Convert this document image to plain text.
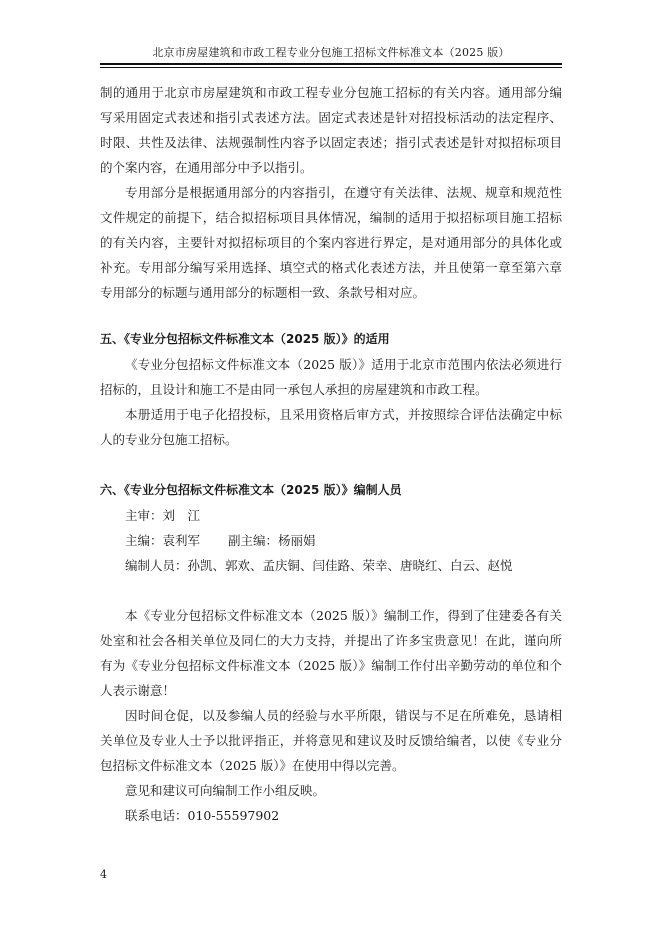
北京市房屋建筑和市政工程专业分包施工招标文件标准文本（2025 版）

制的通用于北京市房屋建筑和市政工程专业分包施工招标的有关内容。通用部分编写采用固定式表述和指引式表述方法。固定式表述是针对招投标活动的法定程序、时限、共性及法律、法规强制性内容予以固定表述；指引式表述是针对拟招标项目的个案内容，在通用部分中予以指引。

专用部分是根据通用部分的内容指引，在遵守有关法律、法规、规章和规范性文件规定的前提下，结合拟招标项目具体情况，编制的适用于拟招标项目施工招标的有关内容，主要针对拟招标项目的个案内容进行界定，是对通用部分的具体化或补充。专用部分编写采用选择、填空式的格式化表述方法，并且使第一章至第六章专用部分的标题与通用部分的标题相一致、条款号相对应。

五、《专业分包招标文件标准文本（2025 版）》的适用

《专业分包招标文件标准文本（2025 版）》适用于北京市范围内依法必须进行招标的，且设计和施工不是由同一承包人承担的房屋建筑和市政工程。

本册适用于电子化招投标，且采用资格后审方式，并按照综合评估法确定中标人的专业分包施工招标。

六、《专业分包招标文件标准文本（2025 版）》编制人员

主审：刘　江

主编：袁利军 副主编：杨丽娟

编制人员：孙凯、郭欢、孟庆铜、闫佳路、荣幸、唐晓红、白云、赵悦

本《专业分包招标文件标准文本（2025 版）》编制工作，得到了住建委各有关处室和社会各相关单位及同仁的大力支持，并提出了许多宝贵意见！在此，谨向所有为《专业分包招标文件标准文本（2025 版）》编制工作付出辛勤劳动的单位和个人表示谢意！

因时间仓促，以及参编人员的经验与水平所限，错误与不足在所难免，恳请相关单位及专业人士予以批评指正，并将意见和建议及时反馈给编者，以使《专业分包招标文件标准文本（2025 版）》在使用中得以完善。

意见和建议可向编制工作小组反映。

联系电话：010-55597902

4
